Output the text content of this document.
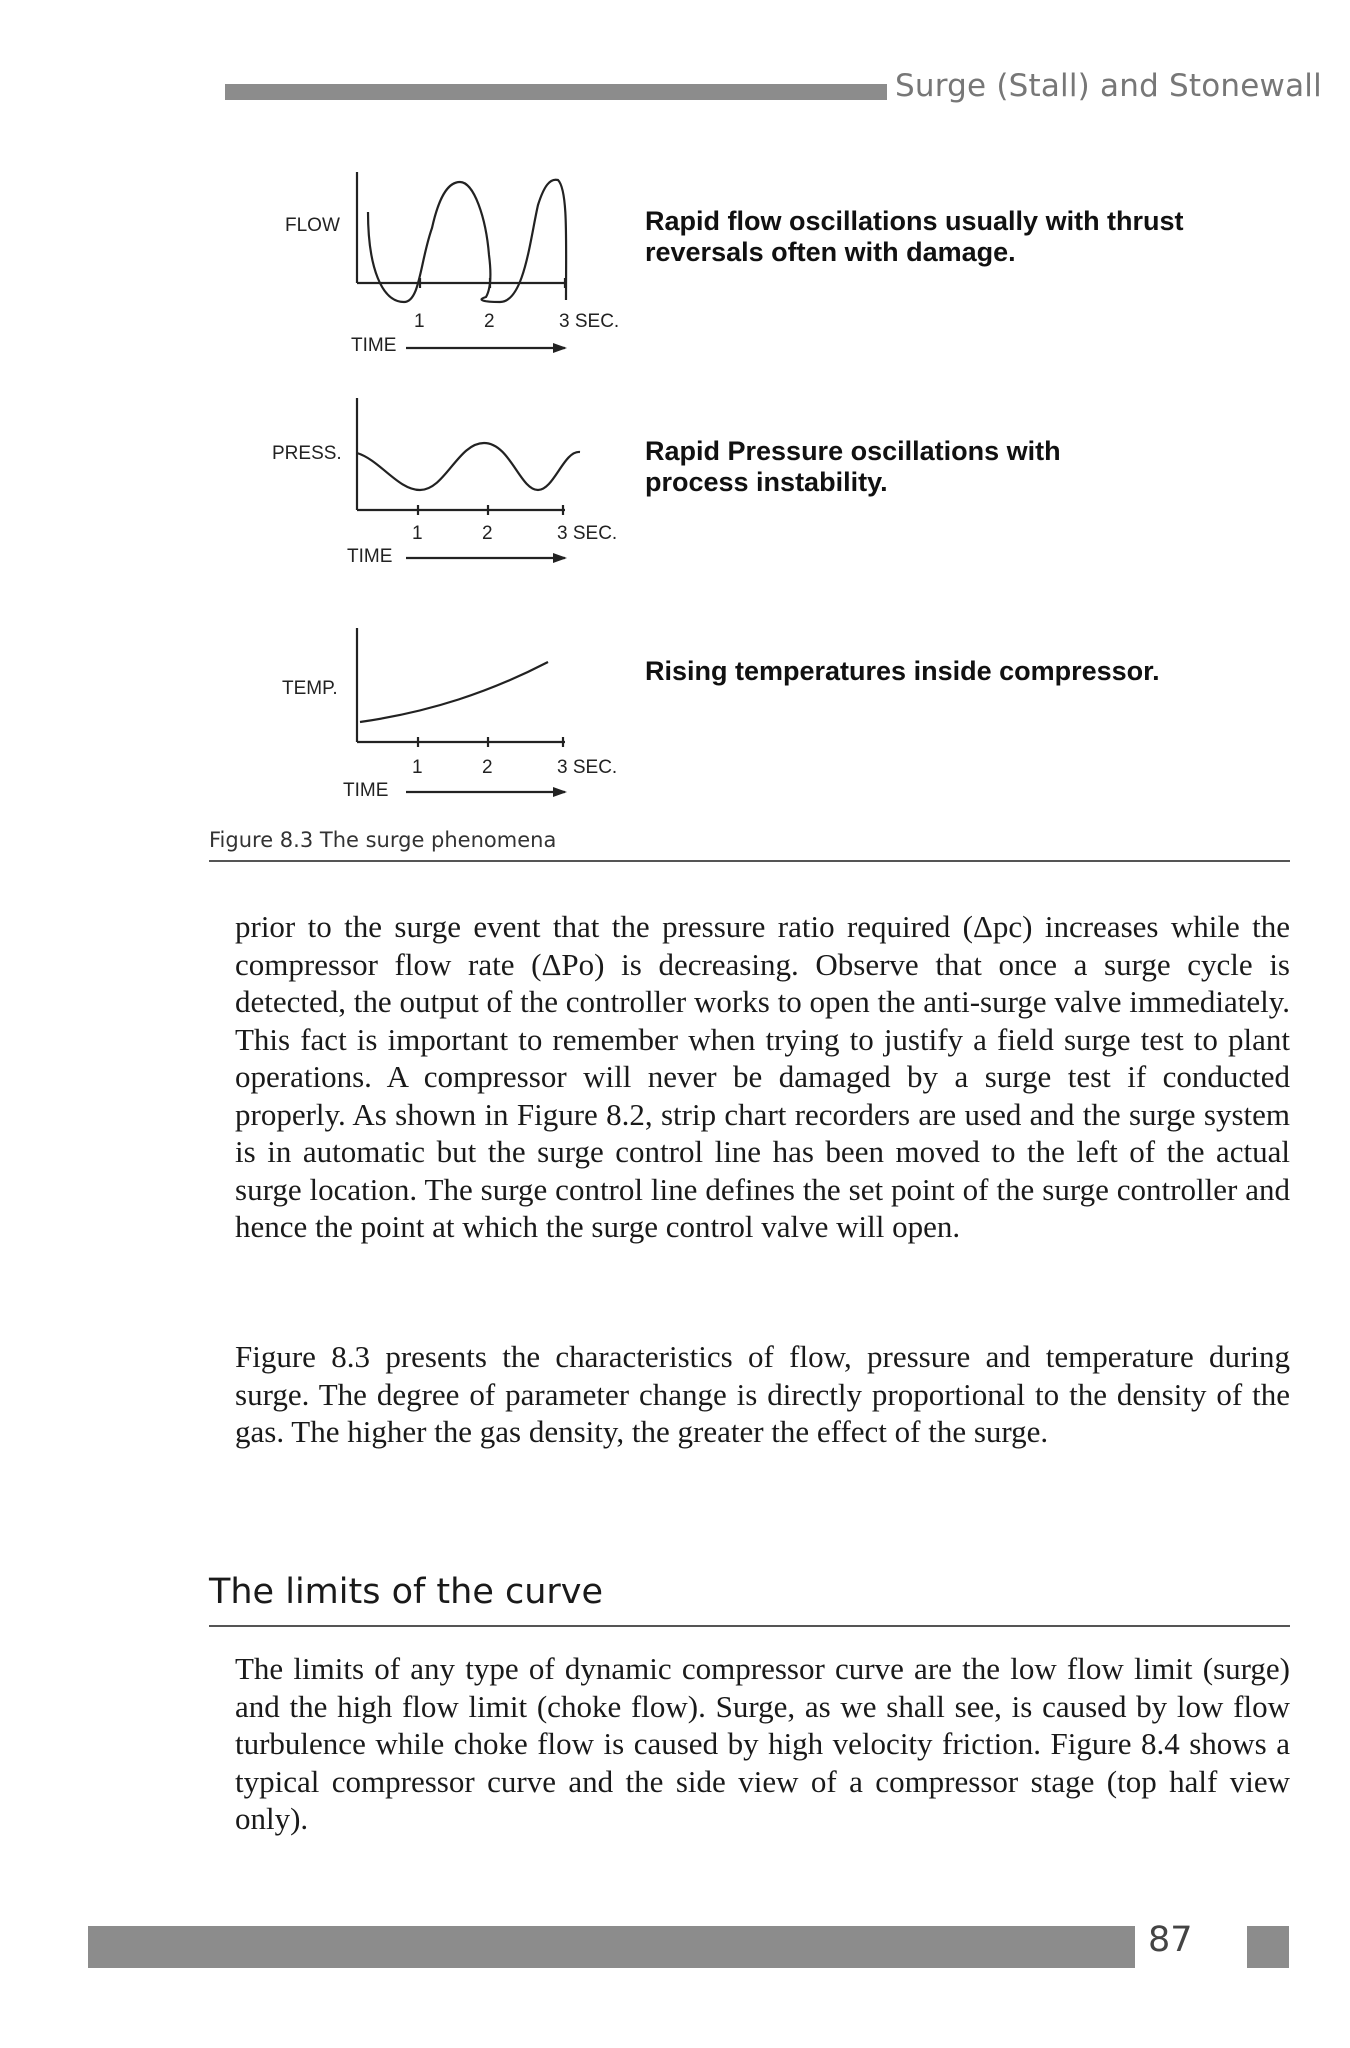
Surge (Stall) and Stonewall
FLOW
TIME
1	2	3 SEC.
Rapid flow oscillations usually with thrust reversals often with damage.
PRESS.
TIME
1	2	3 SEC.
Rapid Pressure oscillations with process instability.
TEMP.
TIME
1	2	3 SEC.
Rising temperatures inside compressor.
Figure 8.3 The surge phenomena

prior to the surge event that the pressure ratio required (Δpc) increases while the compressor flow rate (ΔPo) is decreasing. Observe that once a surge cycle is detected, the output of the controller works to open the anti-surge valve immediately. This fact is important to remember when trying to justify a field surge test to plant operations. A compressor will never be damaged by a surge test if conducted properly. As shown in Figure 8.2, strip chart recorders are used and the surge system is in automatic but the surge control line has been moved to the left of the actual surge location. The surge control line defines the set point of the surge controller and hence the point at which the surge control valve will open.

Figure 8.3 presents the characteristics of flow, pressure and temperature during surge. The degree of parameter change is directly proportional to the density of the gas. The higher the gas density, the greater the effect of the surge.

The limits of the curve

The limits of any type of dynamic compressor curve are the low flow limit (surge) and the high flow limit (choke flow). Surge, as we shall see, is caused by low flow turbulence while choke flow is caused by high velocity friction. Figure 8.4 shows a typical compressor curve and the side view of a compressor stage (top half view only).

87
